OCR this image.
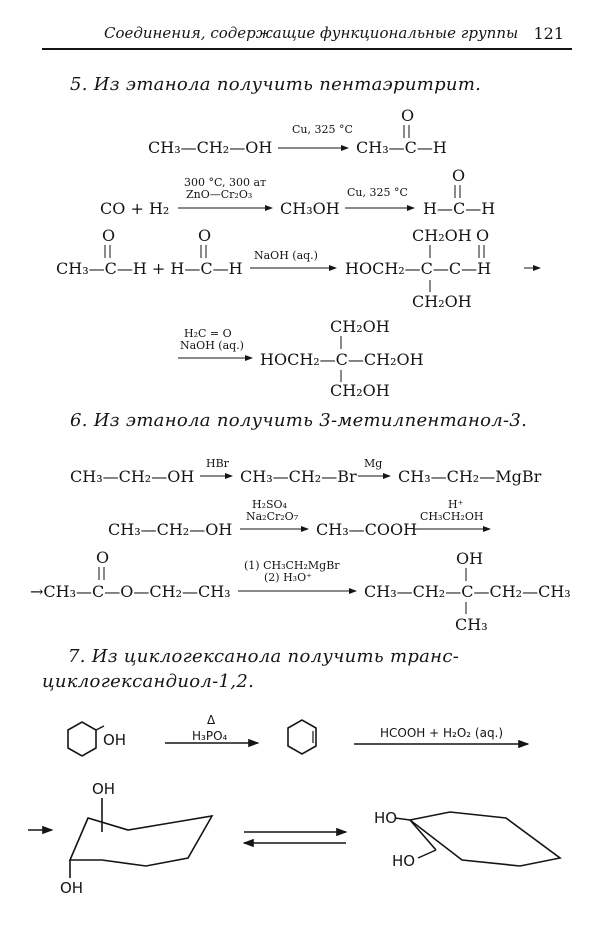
Соединения, содержащие функциональные группы 121
5. Из этанола получить пентаэритрит.
6. Из этанола получить 3-метилпентанол-3.
7. Из циклогексанола получить транс-циклогександиол-1,2.
CH₃—CH₂—OH
Cu, 325 °C
CH₃—C—H
O
CO + H₂
300 °C, 300 ат
ZnO—Cr₂O₃
CH₃OH
Cu, 325 °C
H—C—H
O
CH₃—C—H + H—C—H
O	O
NaOH (aq.)
HOCH₂—C—C—H
CH₂OH
CH₂OH
O
H₂C = O
NaOH (aq.)
HOCH₂—C—CH₂OH
CH₂OH
CH₂OH
CH₃—CH₂—OH
HBr
CH₃—CH₂—Br
Mg
CH₃—CH₂—MgBr
CH₃—CH₂—OH
H₂SO₄
Na₂Cr₂O₇
CH₃—COOH
H⁺
CH₃CH₂OH
→CH₃—C—O—CH₂—CH₃
O	(1) CH₃CH₂MgBr
(2) H₃O⁺
CH₃—CH₂—C—CH₂—CH₃
OH
CH₃
OH
Δ
H₃PO₄	HCOOH + H₂O₂ (aq.)
OH
OH
HO
HO
